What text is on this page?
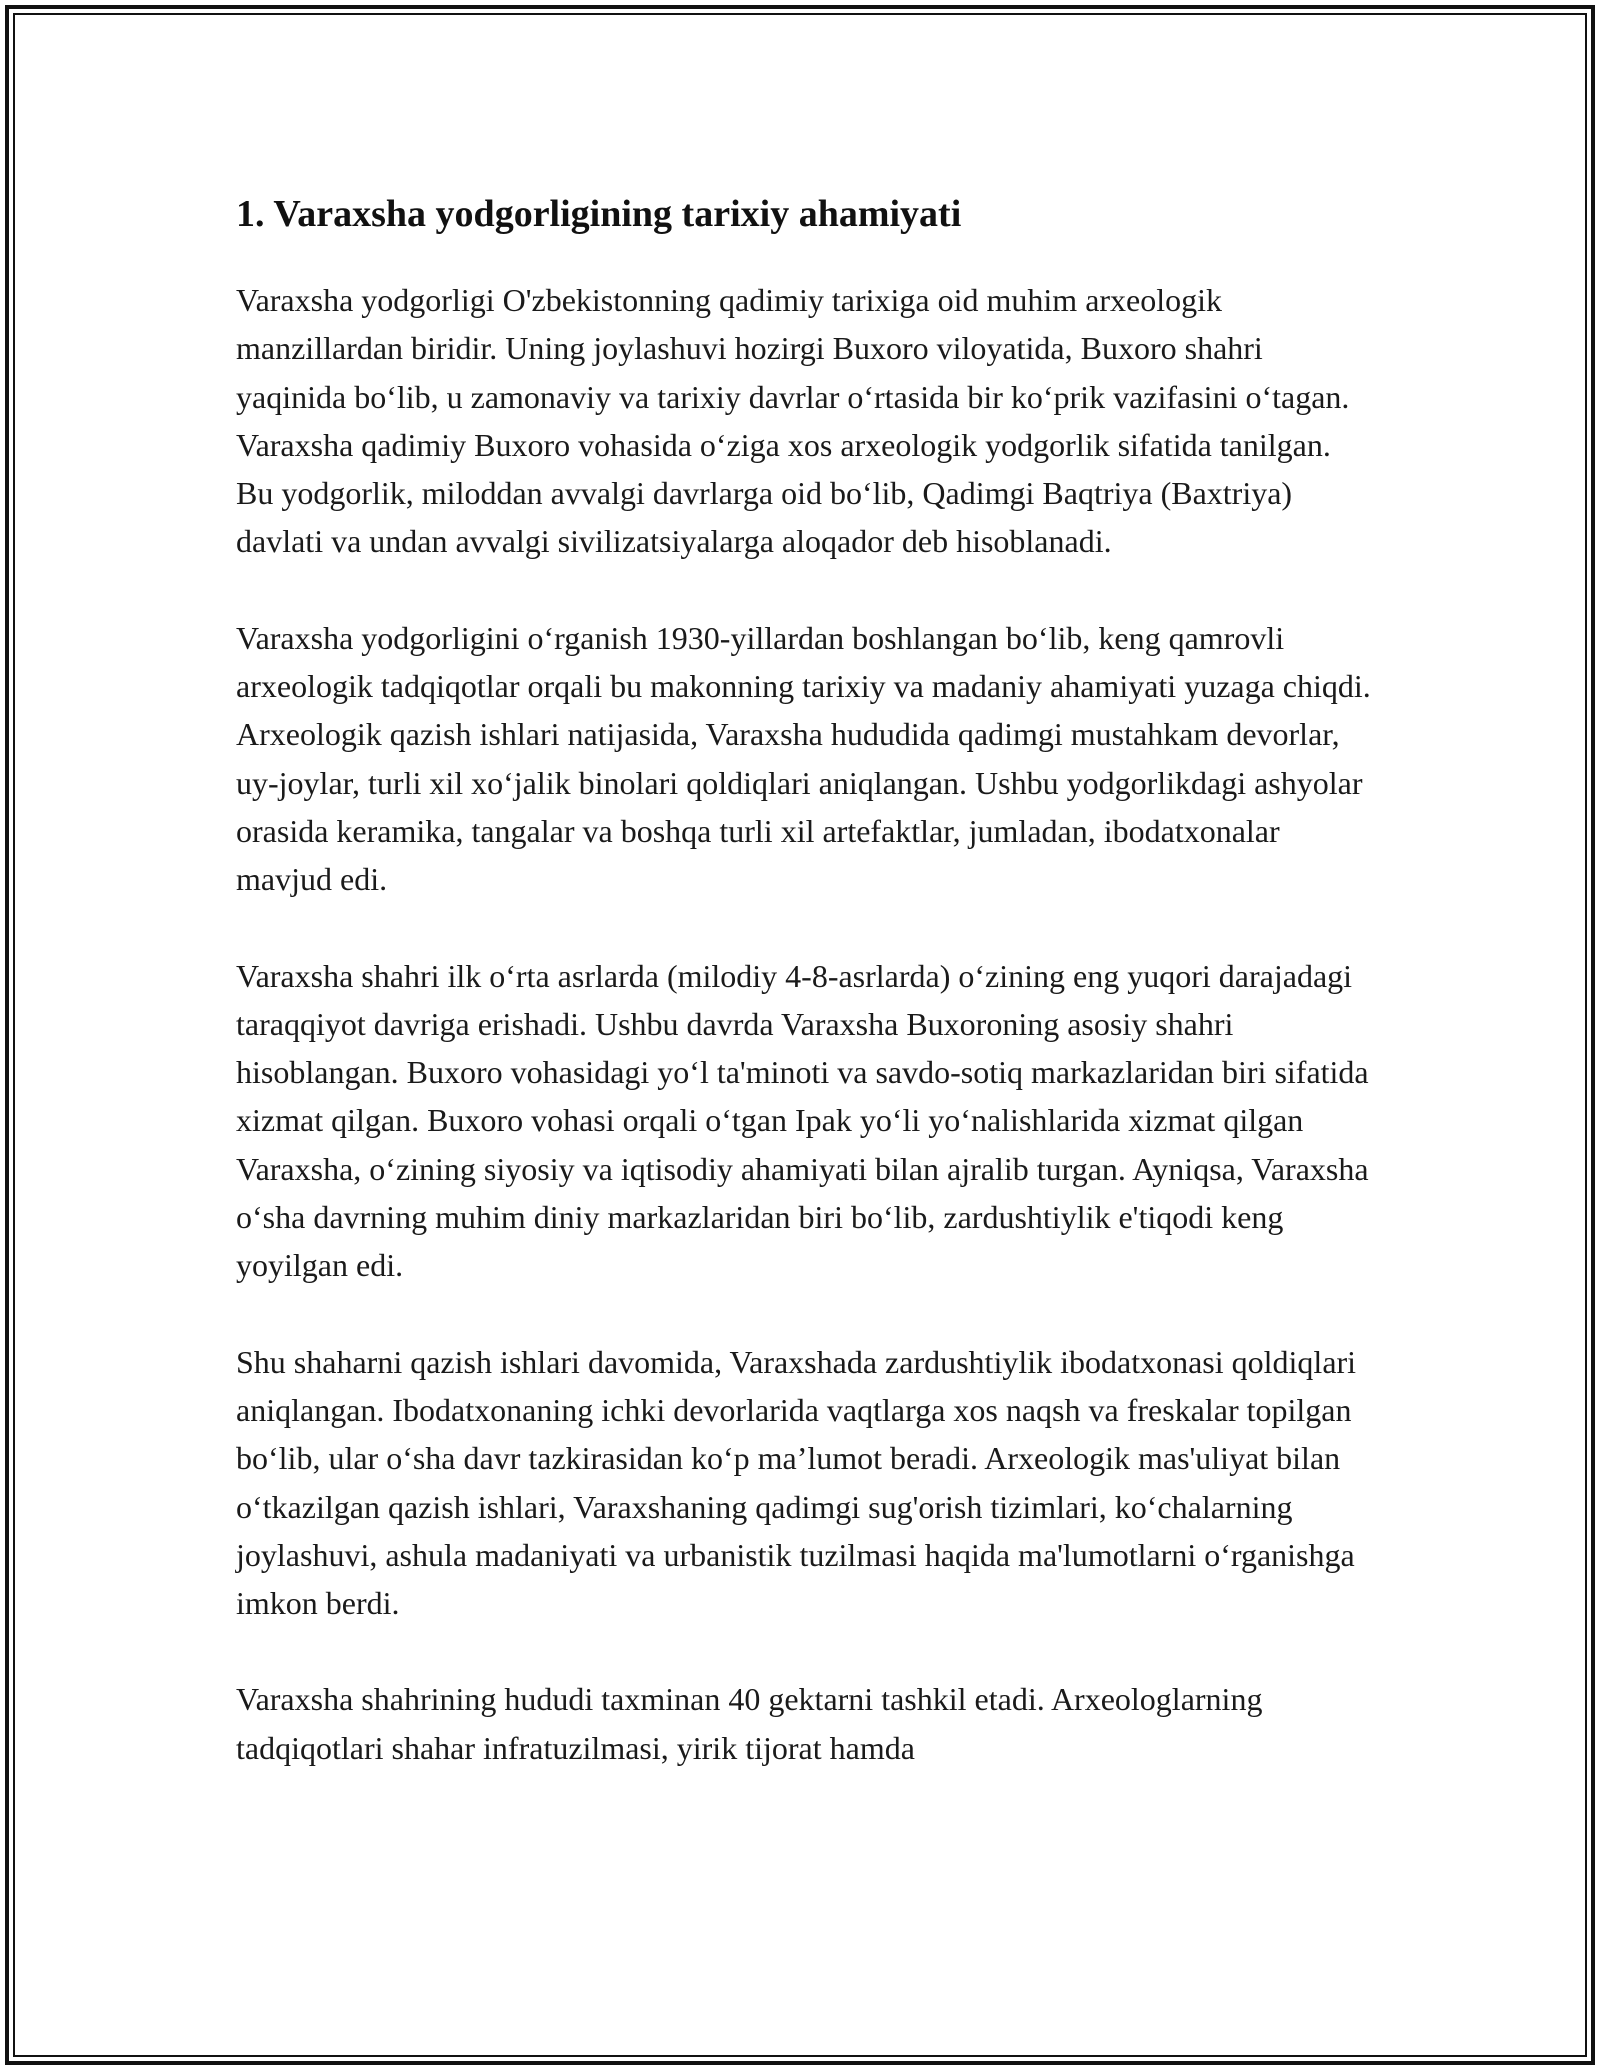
1. Varaxsha yodgorligining tarixiy ahamiyati

Varaxsha yodgorligi O'zbekistonning qadimiy tarixiga oid muhim arxeologik manzillardan biridir. Uning joylashuvi hozirgi Buxoro viloyatida, Buxoro shahri yaqinida bo‘lib, u zamonaviy va tarixiy davrlar o‘rtasida bir ko‘prik vazifasini o‘tagan. Varaxsha qadimiy Buxoro vohasida o‘ziga xos arxeologik yodgorlik sifatida tanilgan. Bu yodgorlik, miloddan avvalgi davrlarga oid bo‘lib, Qadimgi Baqtriya (Baxtriya) davlati va undan avvalgi sivilizatsiyalarga aloqador deb hisoblanadi.

Varaxsha yodgorligini o‘rganish 1930-yillardan boshlangan bo‘lib, keng qamrovli arxeologik tadqiqotlar orqali bu makonning tarixiy va madaniy ahamiyati yuzaga chiqdi. Arxeologik qazish ishlari natijasida, Varaxsha hududida qadimgi mustahkam devorlar, uy-joylar, turli xil xo‘jalik binolari qoldiqlari aniqlangan. Ushbu yodgorlikdagi ashyolar orasida keramika, tangalar va boshqa turli xil artefaktlar, jumladan, ibodatxonalar mavjud edi.

Varaxsha shahri ilk o‘rta asrlarda (milodiy 4-8-asrlarda) o‘zining eng yuqori darajadagi taraqqiyot davriga erishadi. Ushbu davrda Varaxsha Buxoroning asosiy shahri hisoblangan. Buxoro vohasidagi yo‘l ta'minoti va savdo-sotiq markazlaridan biri sifatida xizmat qilgan. Buxoro vohasi orqali o‘tgan Ipak yo‘li yo‘nalishlarida xizmat qilgan Varaxsha, o‘zining siyosiy va iqtisodiy ahamiyati bilan ajralib turgan. Ayniqsa, Varaxsha o‘sha davrning muhim diniy markazlaridan biri bo‘lib, zardushtiylik e'tiqodi keng yoyilgan edi.

Shu shaharni qazish ishlari davomida, Varaxshada zardushtiylik ibodatxonasi qoldiqlari aniqlangan. Ibodatxonaning ichki devorlarida vaqtlarga xos naqsh va freskalar topilgan bo‘lib, ular o‘sha davr tazkirasidan ko‘p ma’lumot beradi. Arxeologik mas'uliyat bilan o‘tkazilgan qazish ishlari, Varaxshaning qadimgi sug'orish tizimlari, ko‘chalarning joylashuvi, ashula madaniyati va urbanistik tuzilmasi haqida ma'lumotlarni o‘rganishga imkon berdi.

Varaxsha shahrining hududi taxminan 40 gektarni tashkil etadi. Arxeologlarning tadqiqotlari shahar infratuzilmasi, yirik tijorat hamda
